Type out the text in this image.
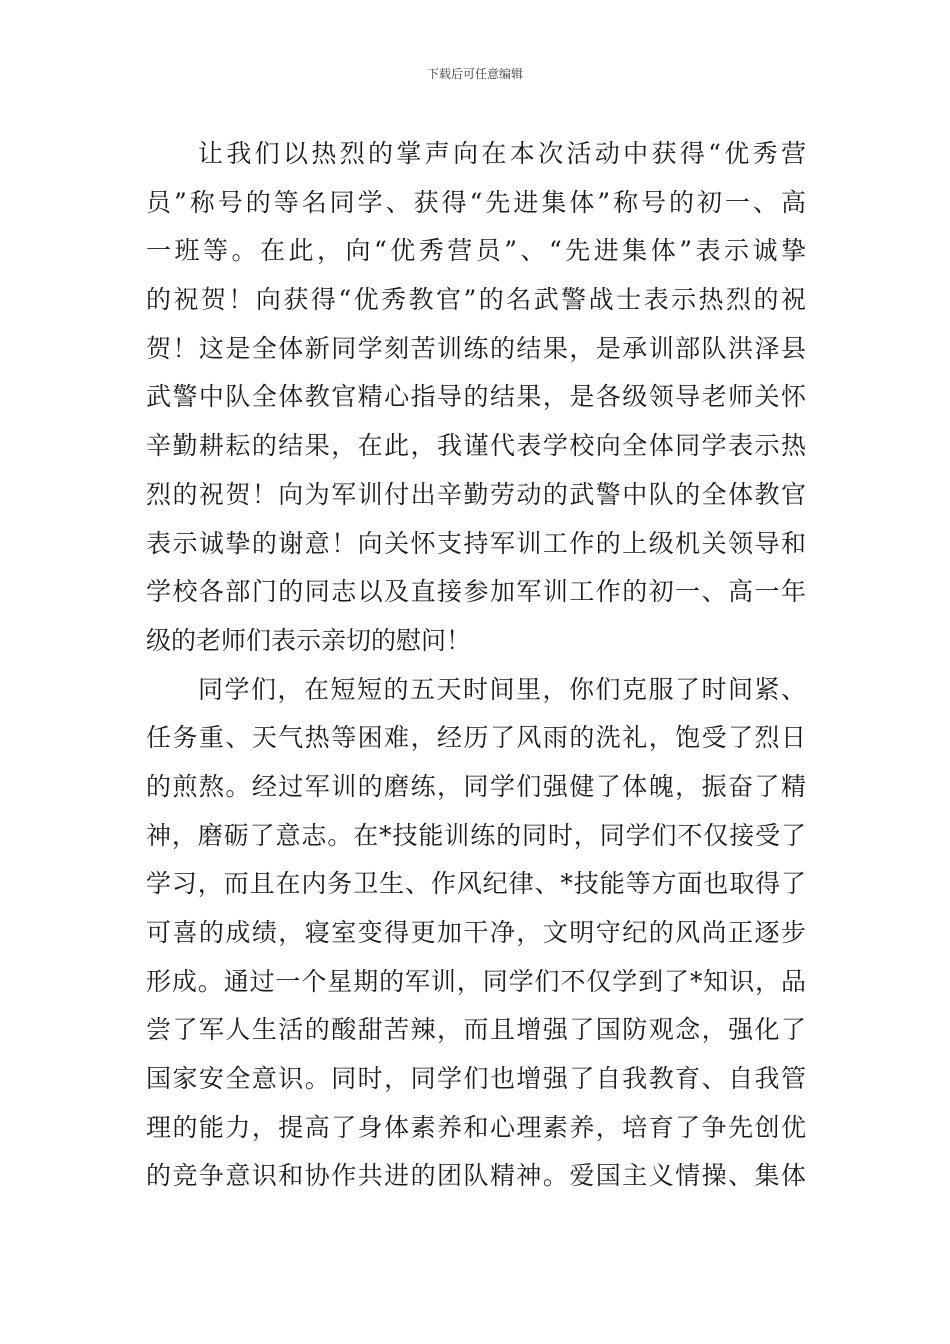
下载后可任意编辑
让我们以热烈的掌声向在本次活动中获得“优秀营
员”称号的等名同学、获得“先进集体”称号的初一、高
一班等。在此，向“优秀营员”、“先进集体”表示诚挚
的祝贺！向获得“优秀教官”的名武警战士表示热烈的祝
贺！这是全体新同学刻苦训练的结果，是承训部队洪泽县
武警中队全体教官精心指导的结果，是各级领导老师关怀
辛勤耕耘的结果，在此，我谨代表学校向全体同学表示热
烈的祝贺！向为军训付出辛勤劳动的武警中队的全体教官
表示诚挚的谢意！向关怀支持军训工作的上级机关领导和
学校各部门的同志以及直接参加军训工作的初一、高一年
级的老师们表示亲切的慰问！
同学们，在短短的五天时间里，你们克服了时间紧、
任务重、天气热等困难，经历了风雨的洗礼，饱受了烈日
的煎熬。经过军训的磨练，同学们强健了体魄，振奋了精
神，磨砺了意志。在*技能训练的同时，同学们不仅接受了
学习，而且在内务卫生、作风纪律、*技能等方面也取得了
可喜的成绩，寝室变得更加干净，文明守纪的风尚正逐步
形成。通过一个星期的军训，同学们不仅学到了*知识，品
尝了军人生活的酸甜苦辣，而且增强了国防观念，强化了
国家安全意识。同时，同学们也增强了自我教育、自我管
理的能力，提高了身体素养和心理素养，培育了争先创优
的竞争意识和协作共进的团队精神。爱国主义情操、集体
